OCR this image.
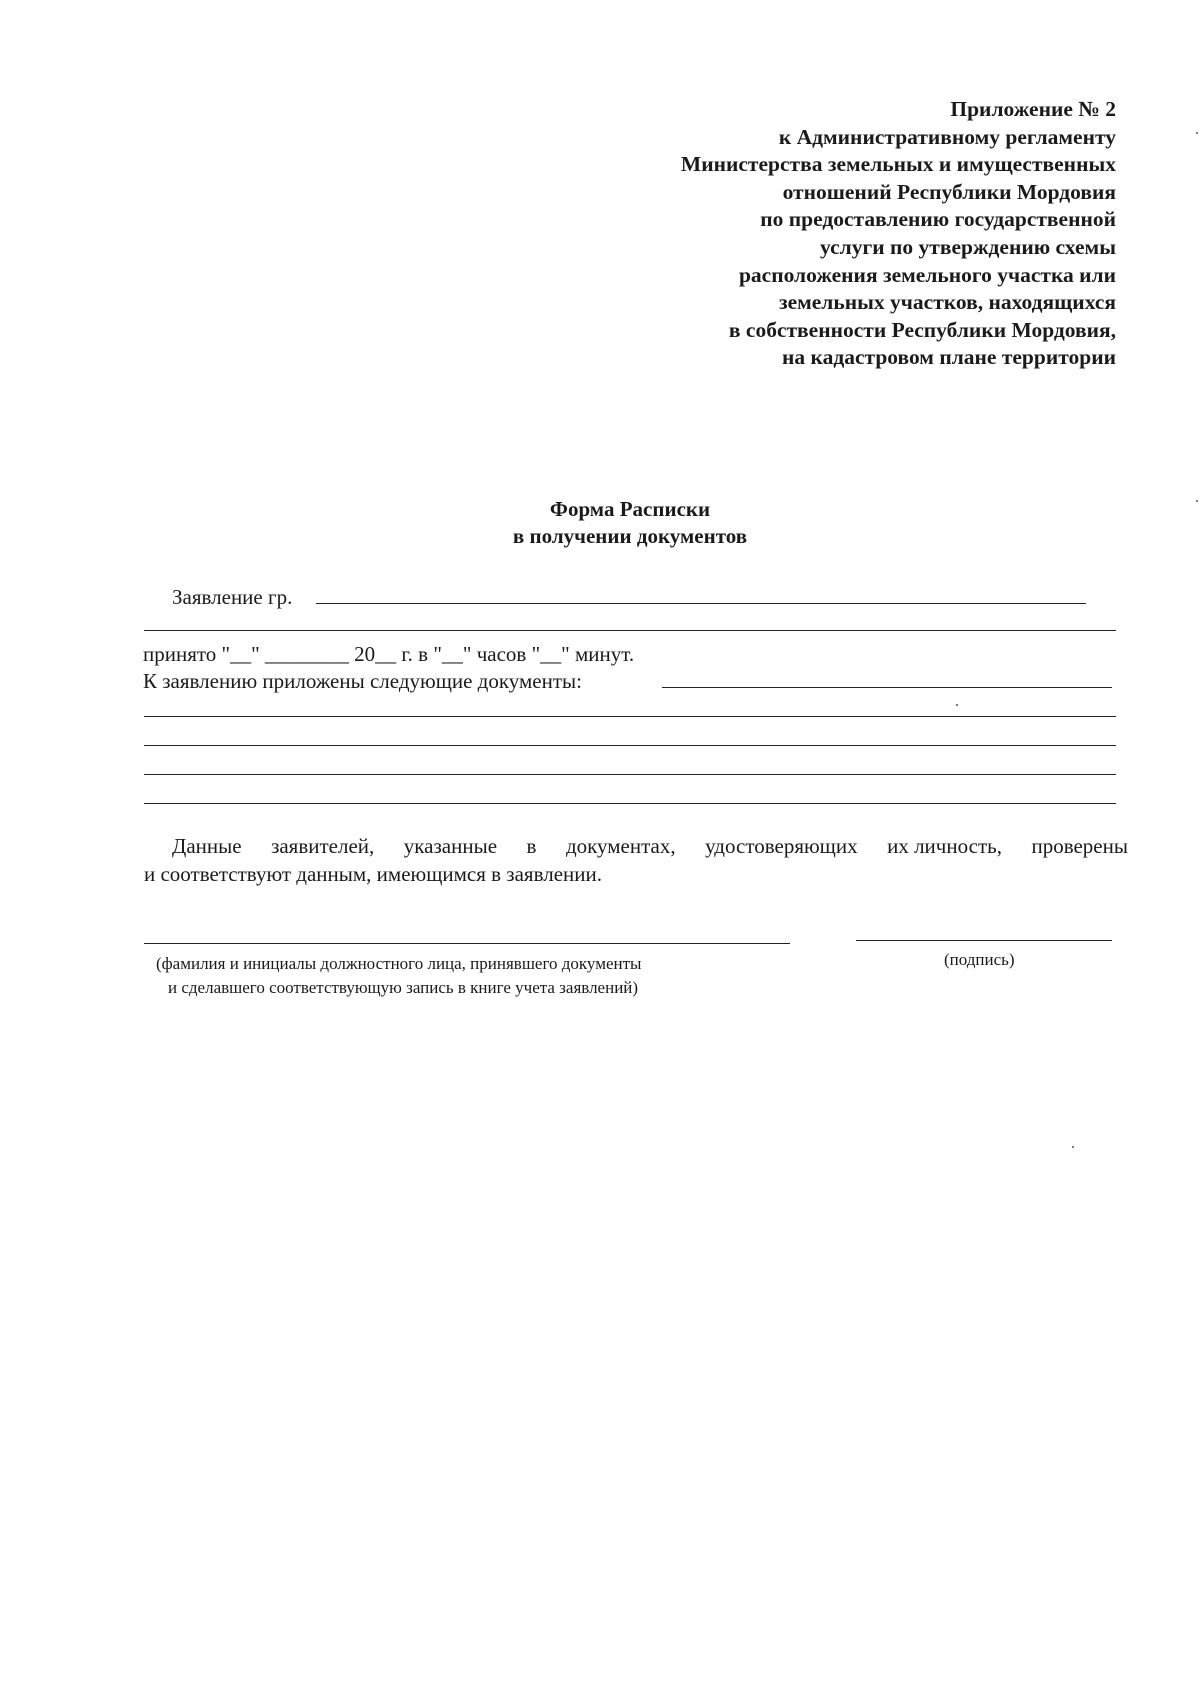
Приложение № 2
к Административному регламенту
Министерства земельных и имущественных
отношений Республики Мордовия
по предоставлению государственной
услуги по утверждению схемы
расположения земельного участка или
земельных участков, находящихся
в собственности Республики Мордовия,
на кадастровом плане территории
Форма Расписки
в получении документов
Заявление гр.
принято "__" ________ 20__ г. в "__" часов "__" минут.
К заявлению приложены следующие документы:
Данные заявителей, указанные в документах, удостоверяющих их личность, проверены
и соответствуют данным, имеющимся в заявлении.
(фамилия и инициалы должностного лица, принявшего документы
и сделавшего соответствующую запись в книге учета заявлений)
(подпись)
